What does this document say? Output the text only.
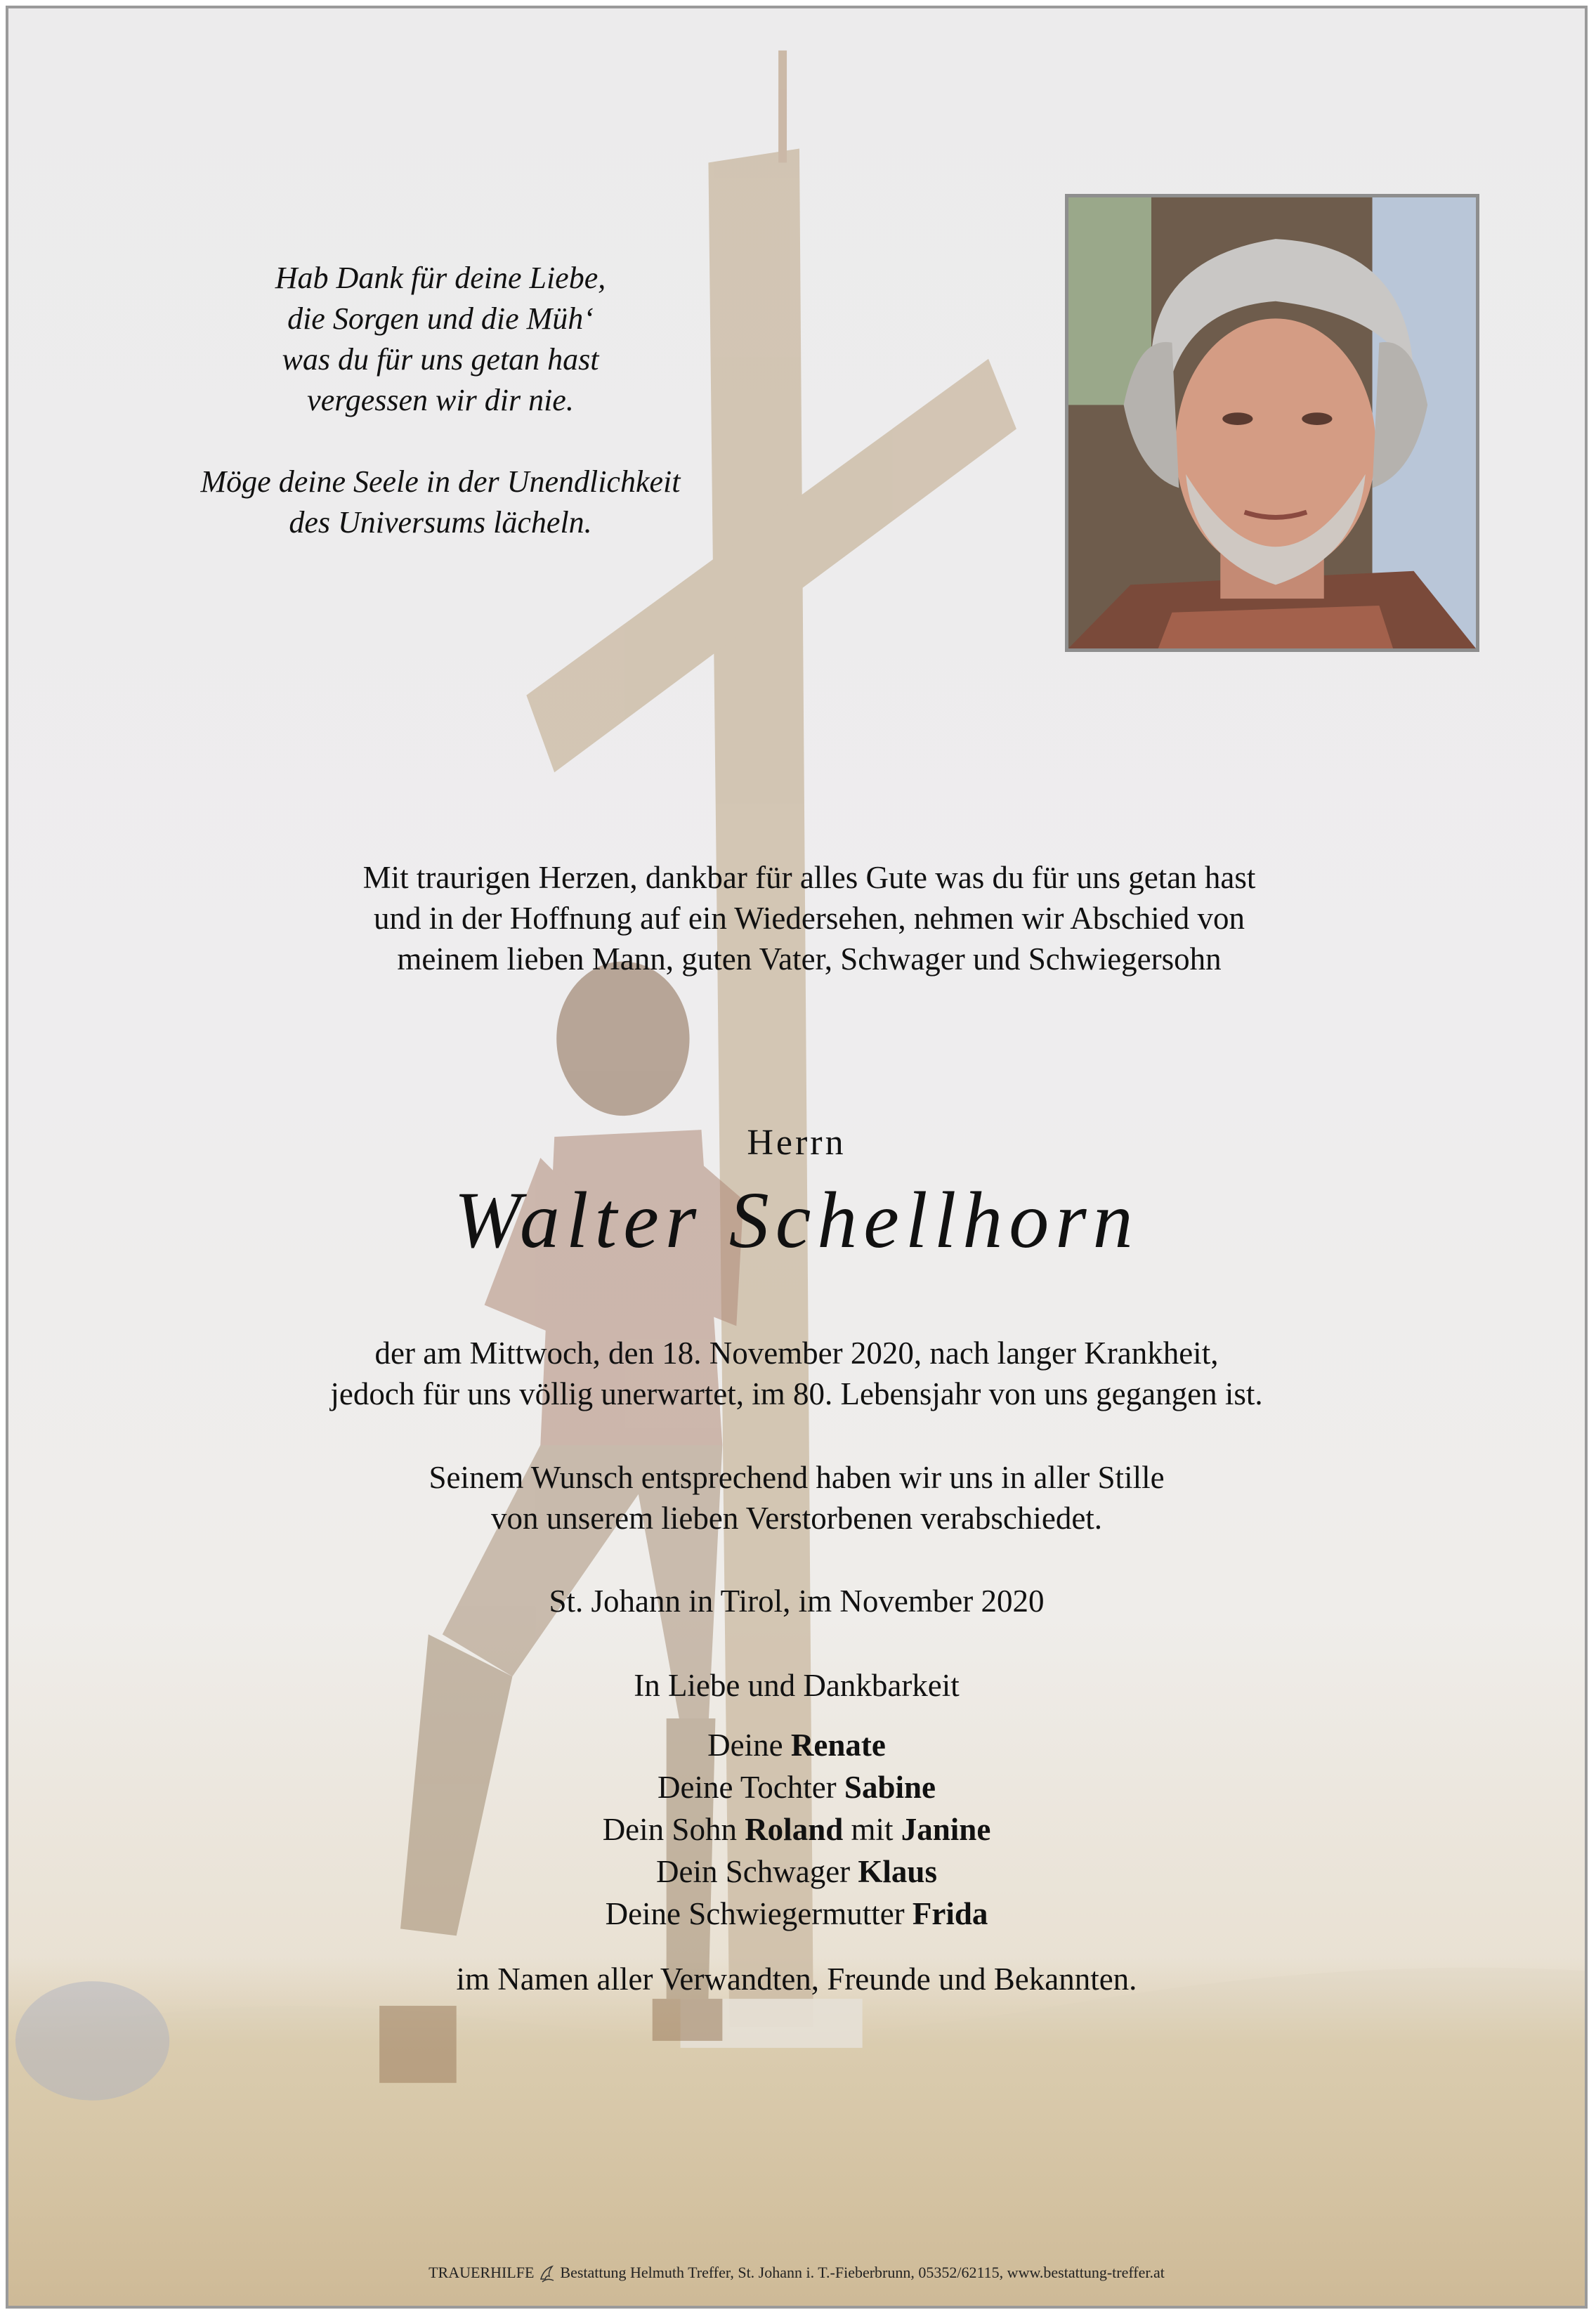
Hab Dank für deine Liebe,

die Sorgen und die Müh‘

was du für uns getan hast

vergessen wir dir nie.

Möge deine Seele in der Unendlichkeit

des Universums lächeln.

Mit traurigen Herzen, dankbar für alles Gute was du für uns getan hast

und in der Hoffnung auf ein Wiedersehen, nehmen wir Abschied von

meinem lieben Mann, guten Vater, Schwager und Schwiegersohn

Herrn
Walter Schellhorn

der am Mittwoch, den 18. November 2020, nach langer Krankheit,

jedoch für uns völlig unerwartet, im 80. Lebensjahr von uns gegangen ist.

Seinem Wunsch entsprechend haben wir uns in aller Stille

von unserem lieben Verstorbenen verabschiedet.

St. Johann in Tirol, im November 2020
In Liebe und Dankbarkeit

Deine Renate

Deine Tochter Sabine

Dein Sohn Roland mit Janine

Dein Schwager Klaus

Deine Schwiegermutter Frida

im Namen aller Verwandten, Freunde und Bekannten.
TRAUERHILFE Bestattung Helmuth Treffer, St. Johann i. T.-Fieberbrunn, 05352/62115, www.bestattung-treffer.at
